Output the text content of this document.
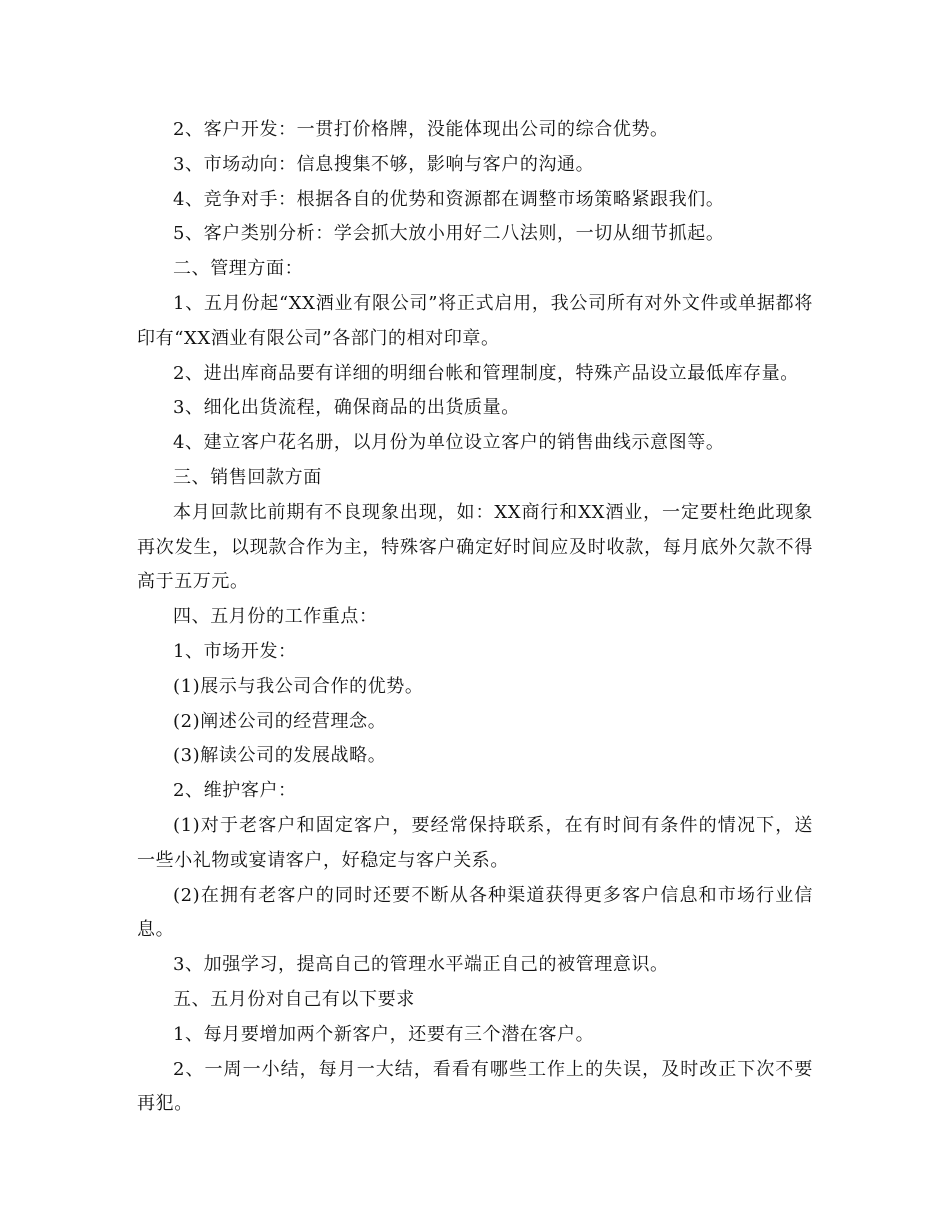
2、客户开发：一贯打价格牌，没能体现出公司的综合优势。

3、市场动向：信息搜集不够，影响与客户的沟通。

4、竞争对手：根据各自的优势和资源都在调整市场策略紧跟我们。

5、客户类别分析：学会抓大放小用好二八法则，一切从细节抓起。

二、管理方面：

1、五月份起“XX酒业有限公司”将正式启用，我公司所有对外文件或单据都将印有“XX酒业有限公司”各部门的相对印章。

2、进出库商品要有详细的明细台帐和管理制度，特殊产品设立最低库存量。

3、细化出货流程，确保商品的出货质量。

4、建立客户花名册，以月份为单位设立客户的销售曲线示意图等。

三、销售回款方面

本月回款比前期有不良现象出现，如：XX商行和XX酒业，一定要杜绝此现象再次发生，以现款合作为主，特殊客户确定好时间应及时收款，每月底外欠款不得高于五万元。

四、五月份的工作重点：

1、市场开发：

(1)展示与我公司合作的优势。

(2)阐述公司的经营理念。

(3)解读公司的发展战略。

2、维护客户：

(1)对于老客户和固定客户，要经常保持联系，在有时间有条件的情况下，送一些小礼物或宴请客户，好稳定与客户关系。

(2)在拥有老客户的同时还要不断从各种渠道获得更多客户信息和市场行业信息。

3、加强学习，提高自己的管理水平端正自己的被管理意识。

五、五月份对自己有以下要求

1、每月要增加两个新客户，还要有三个潜在客户。

2、一周一小结，每月一大结，看看有哪些工作上的失误，及时改正下次不要再犯。
